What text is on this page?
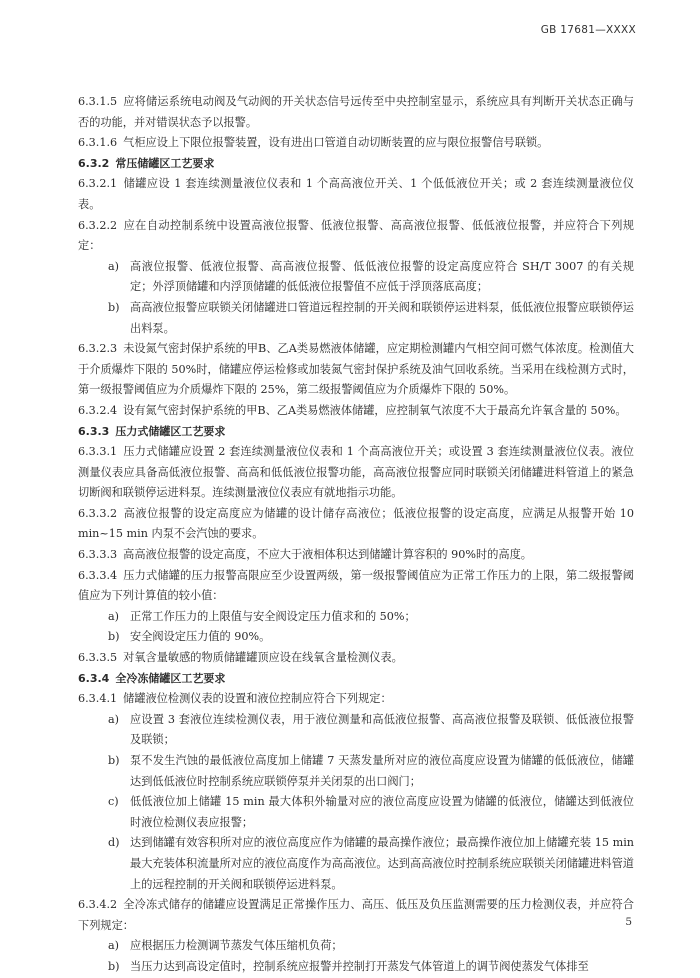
GB 17681—XXXX

6.3.1.5 应将储运系统电动阀及气动阀的开关状态信号远传至中央控制室显示，系统应具有判断开关状态正确与否的功能，并对错误状态予以报警。

6.3.1.6 气柜应设上下限位报警装置，设有进出口管道自动切断装置的应与限位报警信号联锁。

6.3.2 常压储罐区工艺要求

6.3.2.1 储罐应设 1 套连续测量液位仪表和 1 个高高液位开关、1 个低低液位开关；或 2 套连续测量液位仪表。

6.3.2.2 应在自动控制系统中设置高液位报警、低液位报警、高高液位报警、低低液位报警，并应符合下列规定：

a) 高液位报警、低液位报警、高高液位报警、低低液位报警的设定高度应符合 SH/T 3007 的有关规定；外浮顶储罐和内浮顶储罐的低低液位报警值不应低于浮顶落底高度；

b) 高高液位报警应联锁关闭储罐进口管道远程控制的开关阀和联锁停运进料泵，低低液位报警应联锁停运出料泵。

6.3.2.3 未设氮气密封保护系统的甲B、乙A类易燃液体储罐，应定期检测罐内气相空间可燃气体浓度。检测值大于介质爆炸下限的 50%时，储罐应停运检修或加装氮气密封保护系统及油气回收系统。当采用在线检测方式时，第一级报警阈值应为介质爆炸下限的 25%，第二级报警阈值应为介质爆炸下限的 50%。

6.3.2.4 设有氮气密封保护系统的甲B、乙A类易燃液体储罐，应控制氧气浓度不大于最高允许氧含量的 50%。

6.3.3 压力式储罐区工艺要求

6.3.3.1 压力式储罐应设置 2 套连续测量液位仪表和 1 个高高液位开关；或设置 3 套连续测量液位仪表。液位测量仪表应具备高低液位报警、高高和低低液位报警功能，高高液位报警应同时联锁关闭储罐进料管道上的紧急切断阀和联锁停运进料泵。连续测量液位仪表应有就地指示功能。

6.3.3.2 高液位报警的设定高度应为储罐的设计储存高液位；低液位报警的设定高度，应满足从报警开始 10 min~15 min 内泵不会汽蚀的要求。

6.3.3.3 高高液位报警的设定高度，不应大于液相体积达到储罐计算容积的 90%时的高度。

6.3.3.4 压力式储罐的压力报警高限应至少设置两级，第一级报警阈值应为正常工作压力的上限，第二级报警阈值应为下列计算值的较小值：

a) 正常工作压力的上限值与安全阀设定压力值求和的 50%；

b) 安全阀设定压力值的 90%。

6.3.3.5 对氧含量敏感的物质储罐罐顶应设在线氧含量检测仪表。

6.3.4 全冷冻储罐区工艺要求

6.3.4.1 储罐液位检测仪表的设置和液位控制应符合下列规定：

a) 应设置 3 套液位连续检测仪表，用于液位测量和高低液位报警、高高液位报警及联锁、低低液位报警及联锁；

b) 泵不发生汽蚀的最低液位高度加上储罐 7 天蒸发量所对应的液位高度应设置为储罐的低低液位，储罐达到低低液位时控制系统应联锁停泵并关闭泵的出口阀门；

c)	低低液位加上储罐 15 min 最大体积外输量对应的液位高度应设置为储罐的低液位，储罐达到低液位时液位检测仪表应报警；

d) 达到储罐有效容积所对应的液位高度应作为储罐的最高操作液位；最高操作液位加上储罐充装 15 min 最大充装体积流量所对应的液位高度作为高高液位。达到高高液位时控制系统应联锁关闭储罐进料管道上的远程控制的开关阀和联锁停运进料泵。

6.3.4.2 全冷冻式储存的储罐应设置满足正常操作压力、高压、低压及负压监测需要的压力检测仪表，并应符合下列规定：

a) 应根据压力检测调节蒸发气体压缩机负荷；

b) 当压力达到高设定值时，控制系统应报警并控制打开蒸发气体管道上的调节阀使蒸发气体排至

5
